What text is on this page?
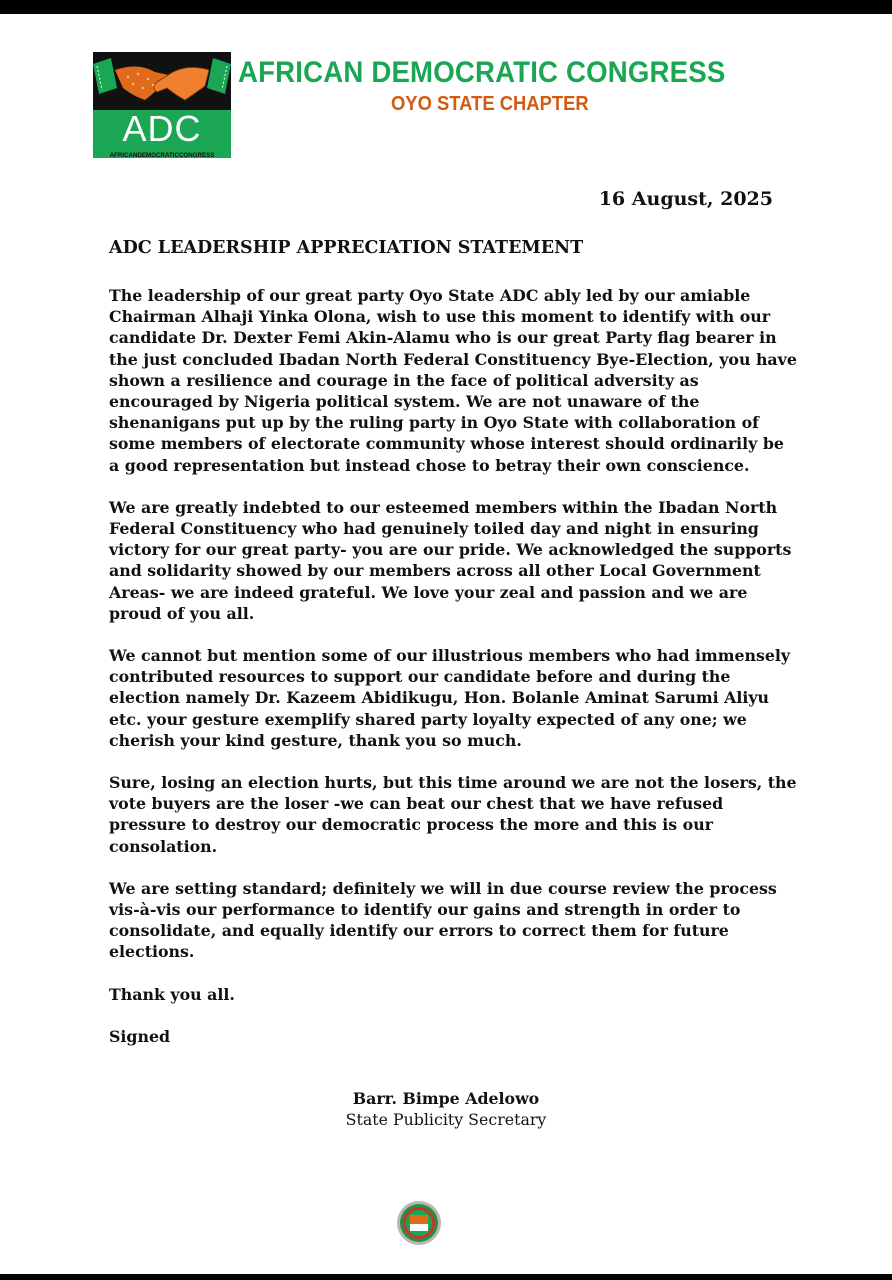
ADC
AFRICANDEMOCRATICCONGRESS
AFRICAN DEMOCRATIC CONGRESS
OYO STATE CHAPTER
16 August, 2025
ADC LEADERSHIP APPRECIATION STATEMENT

The leadership of our great party Oyo State ADC ably led by our amiable Chairman Alhaji Yinka Olona, wish to use this moment to identify with our candidate Dr. Dexter Femi Akin-Alamu who is our great Party flag bearer in the just concluded Ibadan North Federal Constituency Bye-Election, you have shown a resilience and courage in the face of political adversity as encouraged by Nigeria political system. We are not unaware of the shenanigans put up by the ruling party in Oyo State with collaboration of some members of electorate community whose interest should ordinarily be a good representation but instead chose to betray their own conscience.

We are greatly indebted to our esteemed members within the Ibadan North Federal Constituency who had genuinely toiled day and night in ensuring victory for our great party- you are our pride. We acknowledged the supports and solidarity showed by our members across all other Local Government Areas- we are indeed grateful. We love your zeal and passion and we are proud of you all.

We cannot but mention some of our illustrious members who had immensely contributed resources to support our candidate before and during the election namely Dr. Kazeem Abidikugu, Hon. Bolanle Aminat Sarumi Aliyu etc. your gesture exemplify shared party loyalty expected of any one; we cherish your kind gesture, thank you so much.

Sure, losing an election hurts, but this time around we are not the losers, the vote buyers are the loser -we can beat our chest that we have refused pressure to destroy our democratic process the more and this is our consolation.

We are setting standard; definitely we will in due course review the process vis-à-vis our performance to identify our gains and strength in order to consolidate, and equally identify our errors to correct them for future elections.

Thank you all.

Signed

Barr. Bimpe Adelowo
State Publicity Secretary
